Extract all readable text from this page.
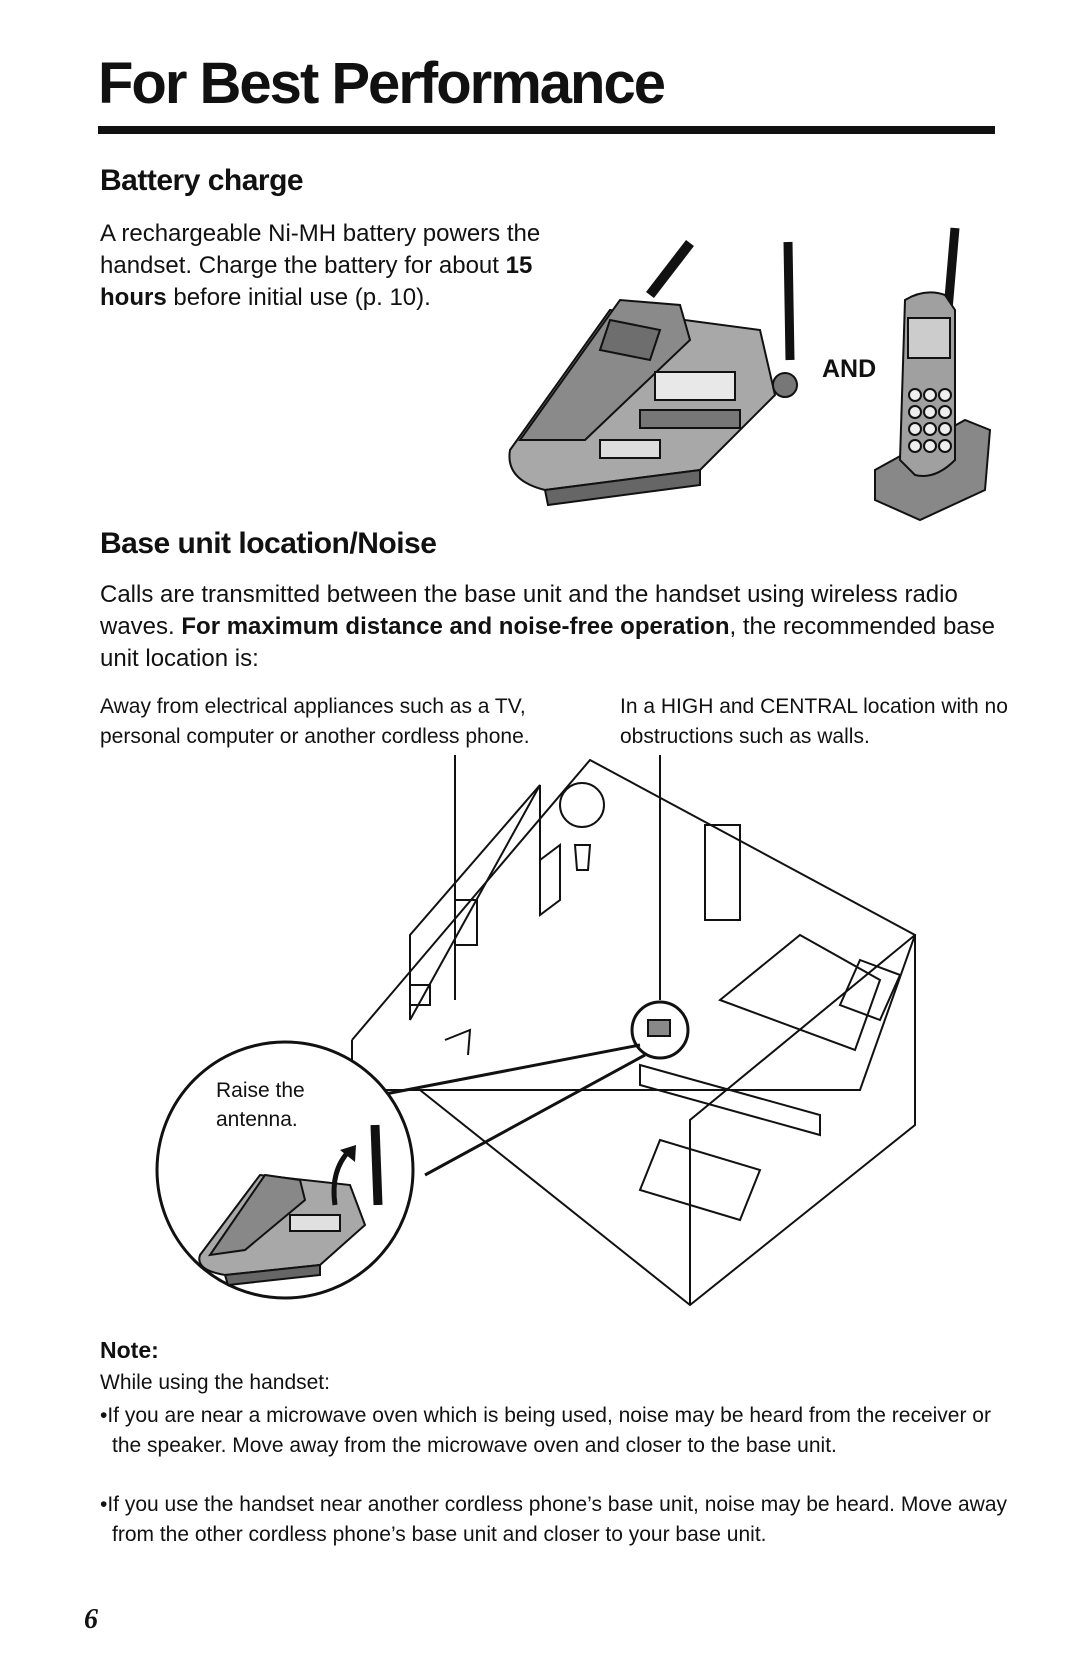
For Best Performance
Battery charge

A rechargeable Ni-MH battery powers the handset. Charge the battery for about 15 hours before initial use (p. 10).

AND
Base unit location/Noise

Calls are transmitted between the base unit and the handset using wireless radio waves. For maximum distance and noise-free operation, the recommended base unit location is:

Away from electrical appliances such as a TV, personal computer or another cordless phone.

In a HIGH and CENTRAL location with no obstructions such as walls.

Raise the antenna.
Note:
While using the handset:
•If you are near a microwave oven which is being used, noise may be heard from the receiver or the speaker. Move away from the microwave oven and closer to the base unit.
•If you use the handset near another cordless phone’s base unit, noise may be heard. Move away from the other cordless phone’s base unit and closer to your base unit.
6
